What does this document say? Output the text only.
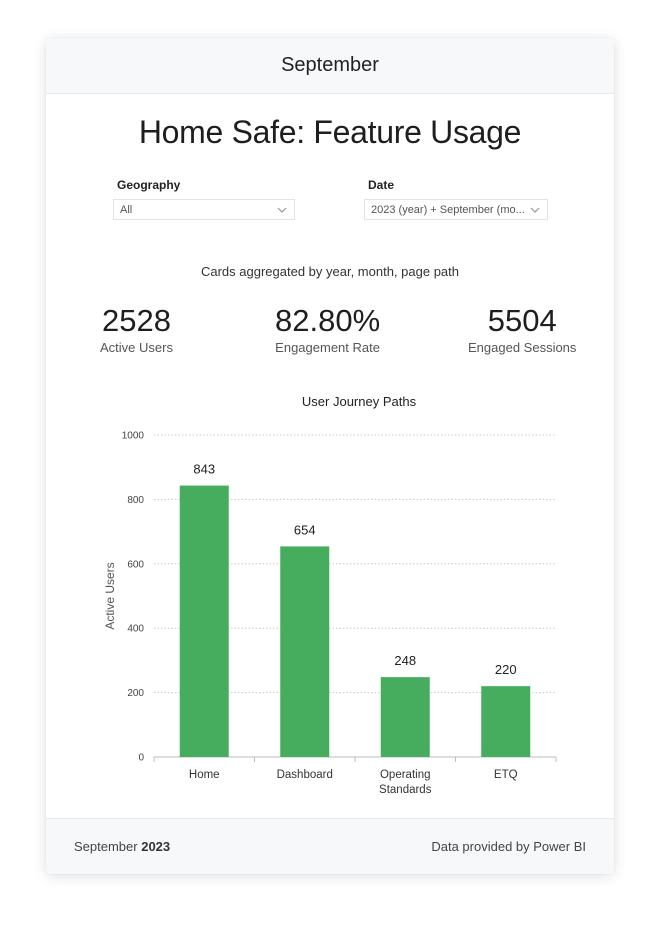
September
Home Safe: Feature Usage
Geography
All
Date
2023 (year) + September (mo...
Cards aggregated by year, month, page path
2528
Active Users
82.80%
Engagement Rate
5504
Engaged Sessions
User Journey Paths
Active Users
0
200
400
600
800
1000
843
Home
654
Dashboard
248
Operating
Standards
220
ETQ
September 2023	Data provided by Power BI
